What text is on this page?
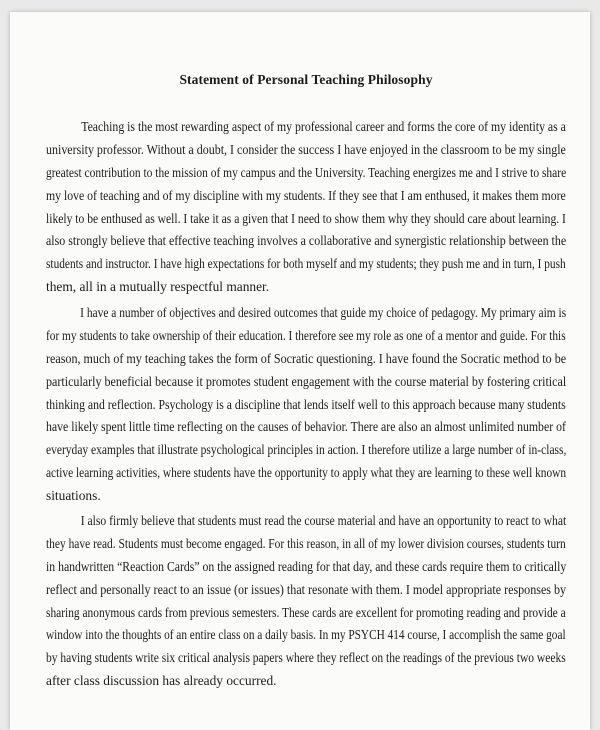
Statement of Personal Teaching Philosophy
Teaching is the most rewarding aspect of my professional career and forms the core of my identity as a
university professor. Without a doubt, I consider the success I have enjoyed in the classroom to be my single
greatest contribution to the mission of my campus and the University. Teaching energizes me and I strive to share
my love of teaching and of my discipline with my students. If they see that I am enthused, it makes them more
likely to be enthused as well. I take it as a given that I need to show them why they should care about learning. I
also strongly believe that effective teaching involves a collaborative and synergistic relationship between the
students and instructor. I have high expectations for both myself and my students; they push me and in turn, I push
them, all in a mutually respectful manner.
I have a number of objectives and desired outcomes that guide my choice of pedagogy. My primary aim is
for my students to take ownership of their education. I therefore see my role as one of a mentor and guide. For this
reason, much of my teaching takes the form of Socratic questioning. I have found the Socratic method to be
particularly beneficial because it promotes student engagement with the course material by fostering critical
thinking and reflection. Psychology is a discipline that lends itself well to this approach because many students
have likely spent little time reflecting on the causes of behavior. There are also an almost unlimited number of
everyday examples that illustrate psychological principles in action. I therefore utilize a large number of in-class,
active learning activities, where students have the opportunity to apply what they are learning to these well known
situations.
I also firmly believe that students must read the course material and have an opportunity to react to what
they have read. Students must become engaged. For this reason, in all of my lower division courses, students turn
in handwritten “Reaction Cards” on the assigned reading for that day, and these cards require them to critically
reflect and personally react to an issue (or issues) that resonate with them. I model appropriate responses by
sharing anonymous cards from previous semesters. These cards are excellent for promoting reading and provide a
window into the thoughts of an entire class on a daily basis. In my PSYCH 414 course, I accomplish the same goal
by having students write six critical analysis papers where they reflect on the readings of the previous two weeks
after class discussion has already occurred.
